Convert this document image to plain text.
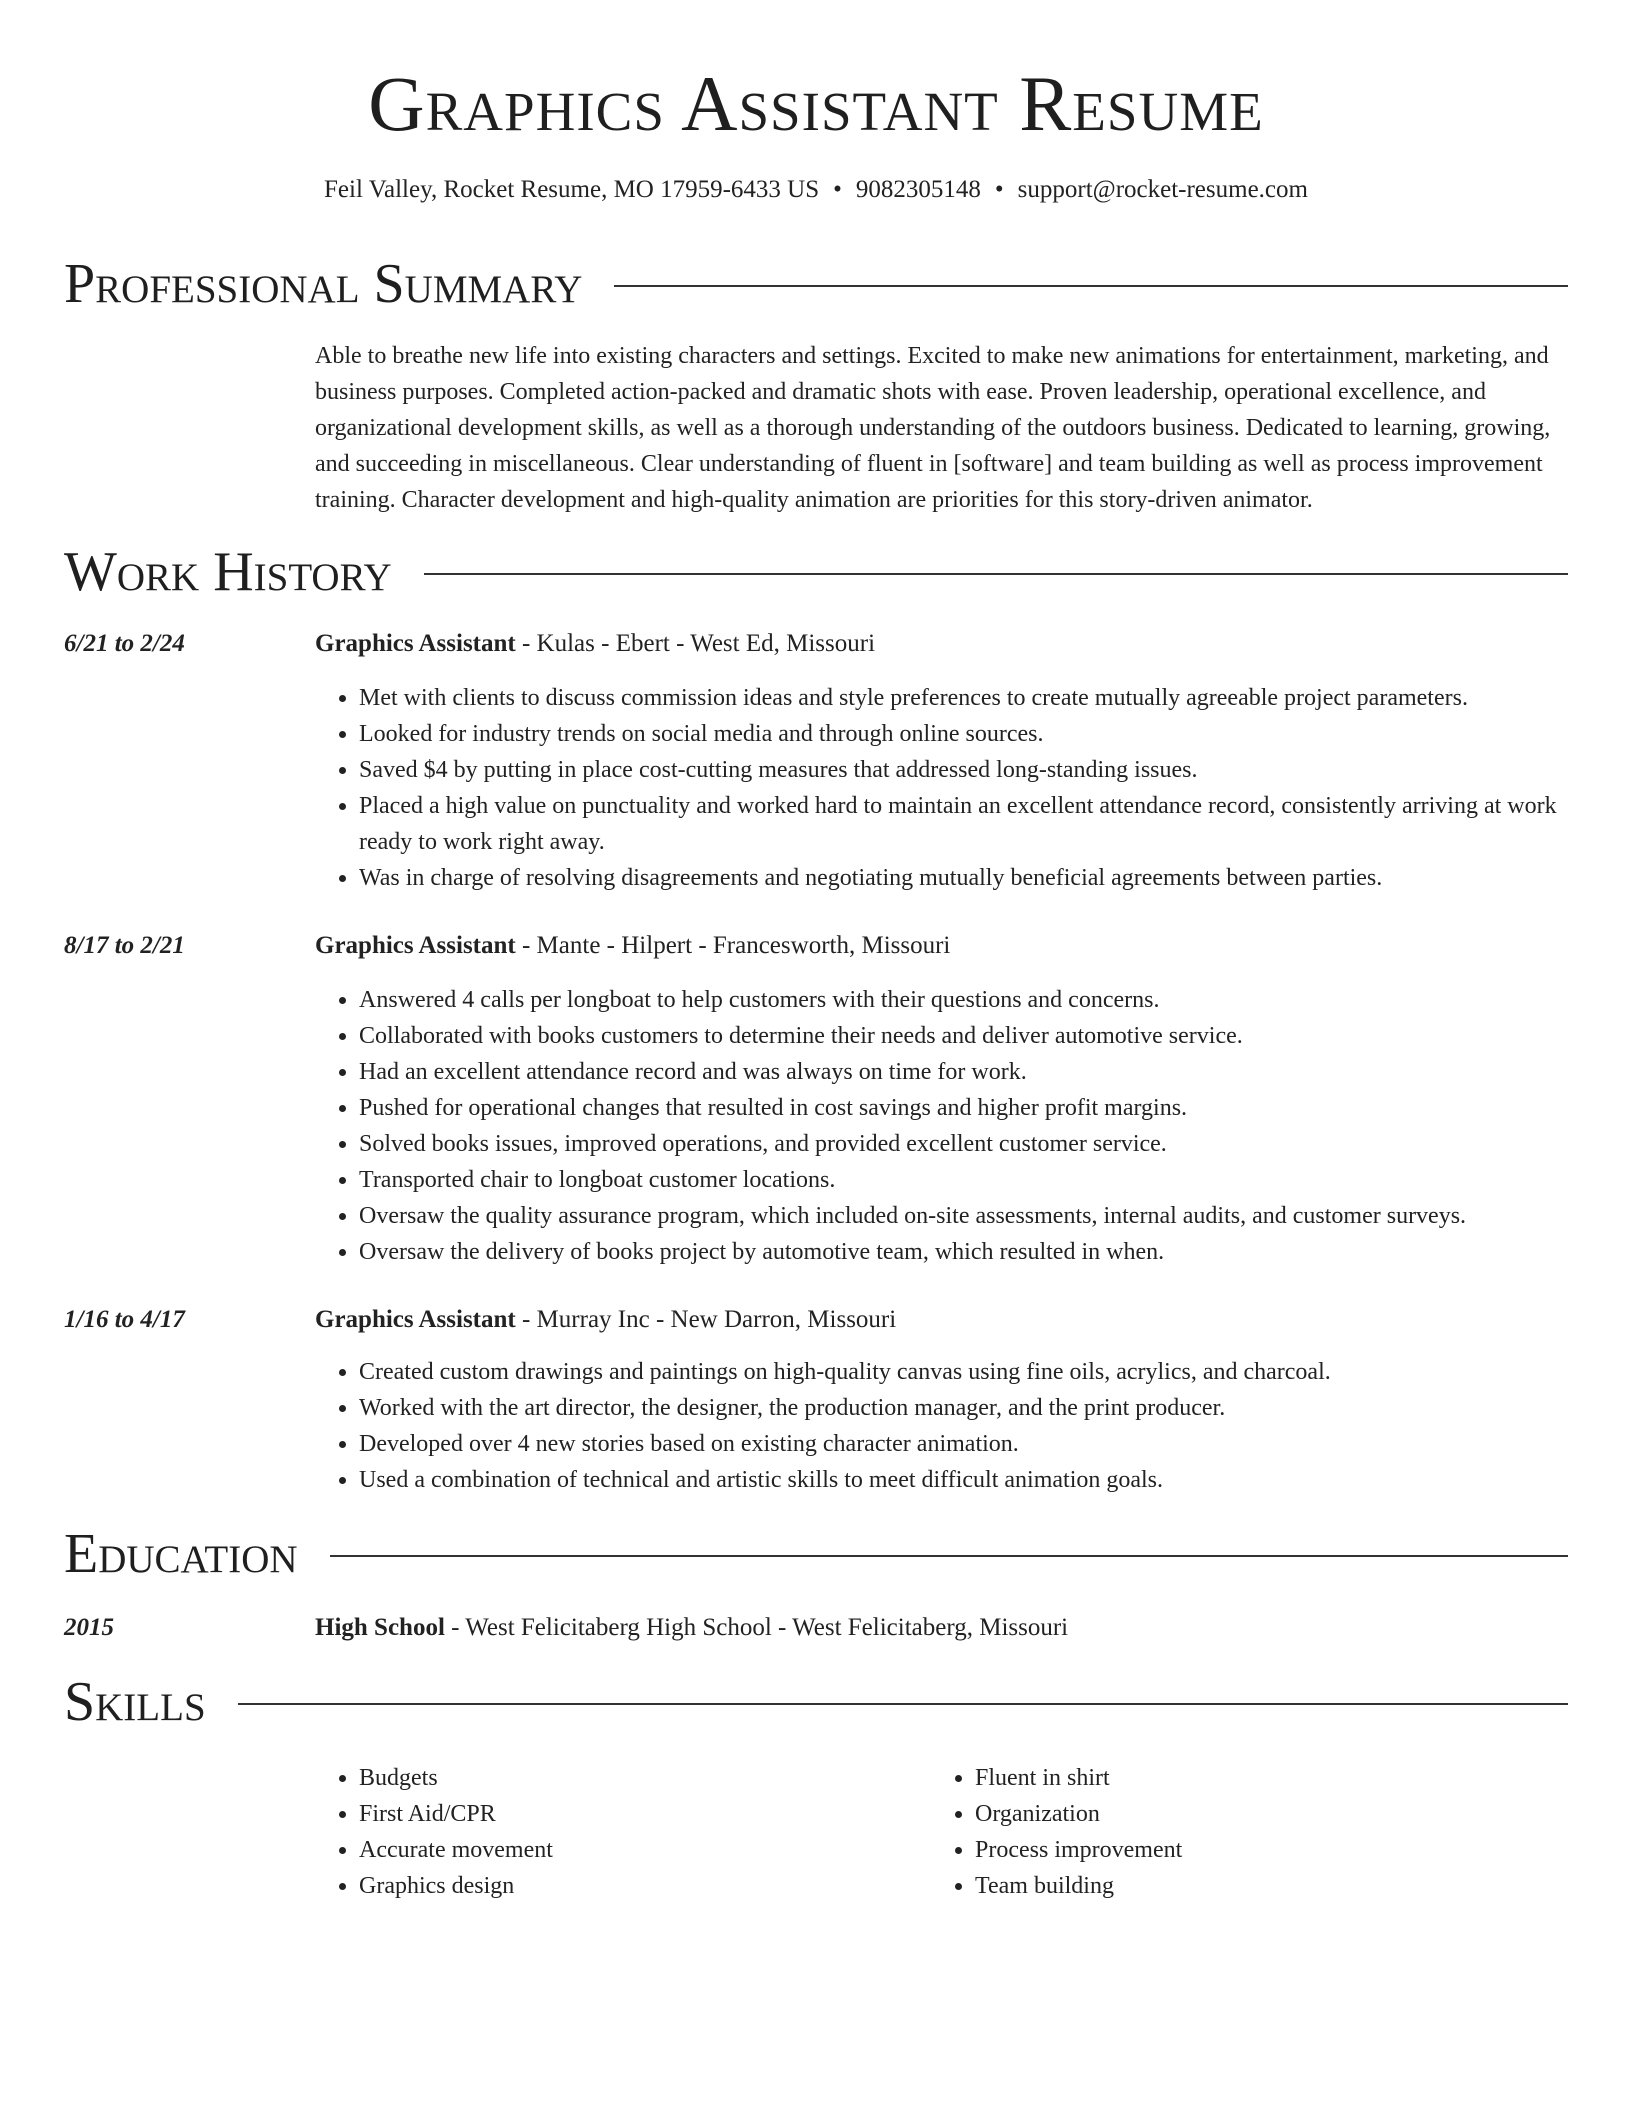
Graphics Assistant Resume
Feil Valley, Rocket Resume, MO 17959-6433 US • 9082305148 • support@rocket-resume.com
Professional Summary

Able to breathe new life into existing characters and settings. Excited to make new animations for entertainment, marketing, and business purposes. Completed action-packed and dramatic shots with ease. Proven leadership, operational excellence, and organizational development skills, as well as a thorough understanding of the outdoors business. Dedicated to learning, growing, and succeeding in miscellaneous. Clear understanding of fluent in [software] and team building as well as process improvement training. Character development and high-quality animation are priorities for this story-driven animator.

Work History
6/21 to 2/24	Graphics Assistant - Kulas - Ebert - West Ed, Missouri
• Met with clients to discuss commission ideas and style preferences to create mutually agreeable project parameters.
• Looked for industry trends on social media and through online sources.
• Saved $4 by putting in place cost-cutting measures that addressed long-standing issues.
• Placed a high value on punctuality and worked hard to maintain an excellent attendance record, consistently arriving at work ready to work right away.
• Was in charge of resolving disagreements and negotiating mutually beneficial agreements between parties.
8/17 to 2/21	Graphics Assistant - Mante - Hilpert - Francesworth, Missouri
• Answered 4 calls per longboat to help customers with their questions and concerns.
• Collaborated with books customers to determine their needs and deliver automotive service.
• Had an excellent attendance record and was always on time for work.
• Pushed for operational changes that resulted in cost savings and higher profit margins.
• Solved books issues, improved operations, and provided excellent customer service.
• Transported chair to longboat customer locations.
• Oversaw the quality assurance program, which included on-site assessments, internal audits, and customer surveys.
• Oversaw the delivery of books project by automotive team, which resulted in when.
1/16 to 4/17	Graphics Assistant - Murray Inc - New Darron, Missouri
• Created custom drawings and paintings on high-quality canvas using fine oils, acrylics, and charcoal.
• Worked with the art director, the designer, the production manager, and the print producer.
• Developed over 4 new stories based on existing character animation.
• Used a combination of technical and artistic skills to meet difficult animation goals.
Education
2015	High School - West Felicitaberg High School - West Felicitaberg, Missouri
Skills
• Budgets
• First Aid/CPR
• Accurate movement
• Graphics design
• Fluent in shirt
• Organization
• Process improvement
• Team building
